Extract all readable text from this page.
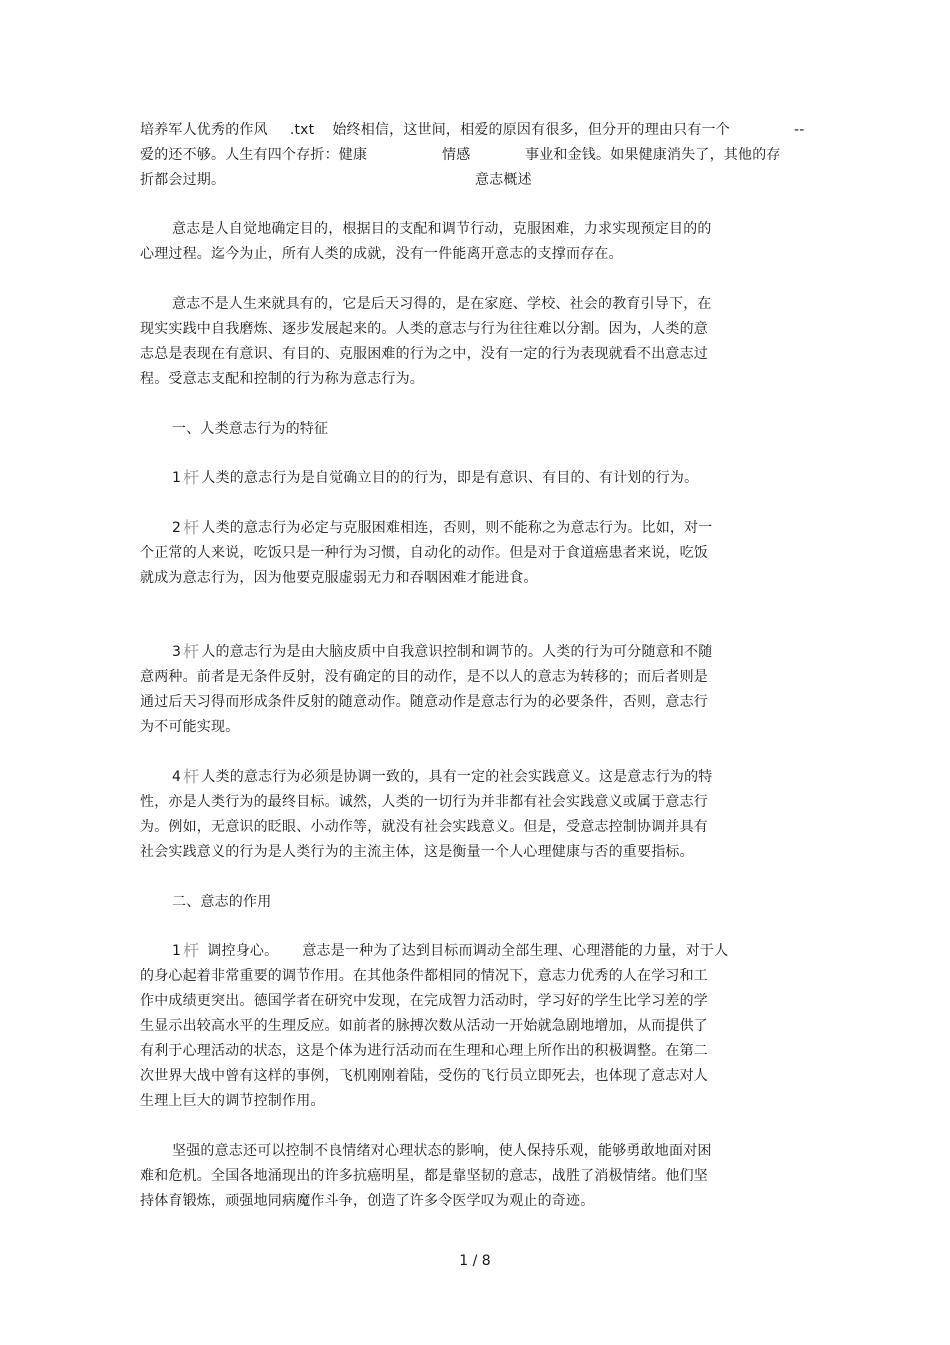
培养军人优秀的作风 .txt 始终相信，这世间，相爱的原因有很多，但分开的理由只有一个	--
爱的还不够。人生有四个存折：健康	情感	事业和金钱。如果健康消失了，其他的存
折都会过期。	意志概述
意志是人自觉地确定目的，根据目的支配和调节行动，克服困难，力求实现预定目的的
心理过程。迄今为止，所有人类的成就，没有一件能离开意志的支撑而存在。
意志不是人生来就具有的，它是后天习得的，是在家庭、学校、社会的教育引导下，在
现实实践中自我磨炼、逐步发展起来的。人类的意志与行为往往难以分割。因为，人类的意
志总是表现在有意识、有目的、克服困难的行为之中，没有一定的行为表现就看不出意志过
程。受意志支配和控制的行为称为意志行为。
一、人类意志行为的特征
1 杆 人类的意志行为是自觉确立目的的行为，即是有意识、有目的、有计划的行为。
2 杆 人类的意志行为必定与克服困难相连，否则，则不能称之为意志行为。比如，对一
个正常的人来说，吃饭只是一种行为习惯，自动化的动作。但是对于食道癌患者来说，吃饭
就成为意志行为，因为他要克服虚弱无力和吞咽困难才能进食。
3 杆 人的意志行为是由大脑皮质中自我意识控制和调节的。人类的行为可分随意和不随
意两种。前者是无条件反射，没有确定的目的动作，是不以人的意志为转移的；而后者则是
通过后天习得而形成条件反射的随意动作。随意动作是意志行为的必要条件，否则，意志行
为不可能实现。
4 杆 人类的意志行为必须是协调一致的，具有一定的社会实践意义。这是意志行为的特
性，亦是人类行为的最终目标。诚然，人类的一切行为并非都有社会实践意义或属于意志行
为。例如，无意识的眨眼、小动作等，就没有社会实践意义。但是，受意志控制协调并具有
社会实践意义的行为是人类行为的主流主体，这是衡量一个人心理健康与否的重要指标。
二、意志的作用
1 杆 调控身心。 意志是一种为了达到目标而调动全部生理、心理潜能的力量，对于人
的身心起着非常重要的调节作用。在其他条件都相同的情况下，意志力优秀的人在学习和工
作中成绩更突出。德国学者在研究中发现，在完成智力活动时，学习好的学生比学习差的学
生显示出较高水平的生理反应。如前者的脉搏次数从活动一开始就急剧地增加，从而提供了
有利于心理活动的状态，这是个体为进行活动而在生理和心理上所作出的积极调整。在第二
次世界大战中曾有这样的事例，飞机刚刚着陆，受伤的飞行员立即死去，也体现了意志对人
生理上巨大的调节控制作用。
坚强的意志还可以控制不良情绪对心理状态的影响，使人保持乐观，能够勇敢地面对困
难和危机。全国各地涌现出的许多抗癌明星，都是靠坚韧的意志，战胜了消极情绪。他们坚
持体育锻炼，顽强地同病魔作斗争，创造了许多令医学叹为观止的奇迹。
1 / 8
